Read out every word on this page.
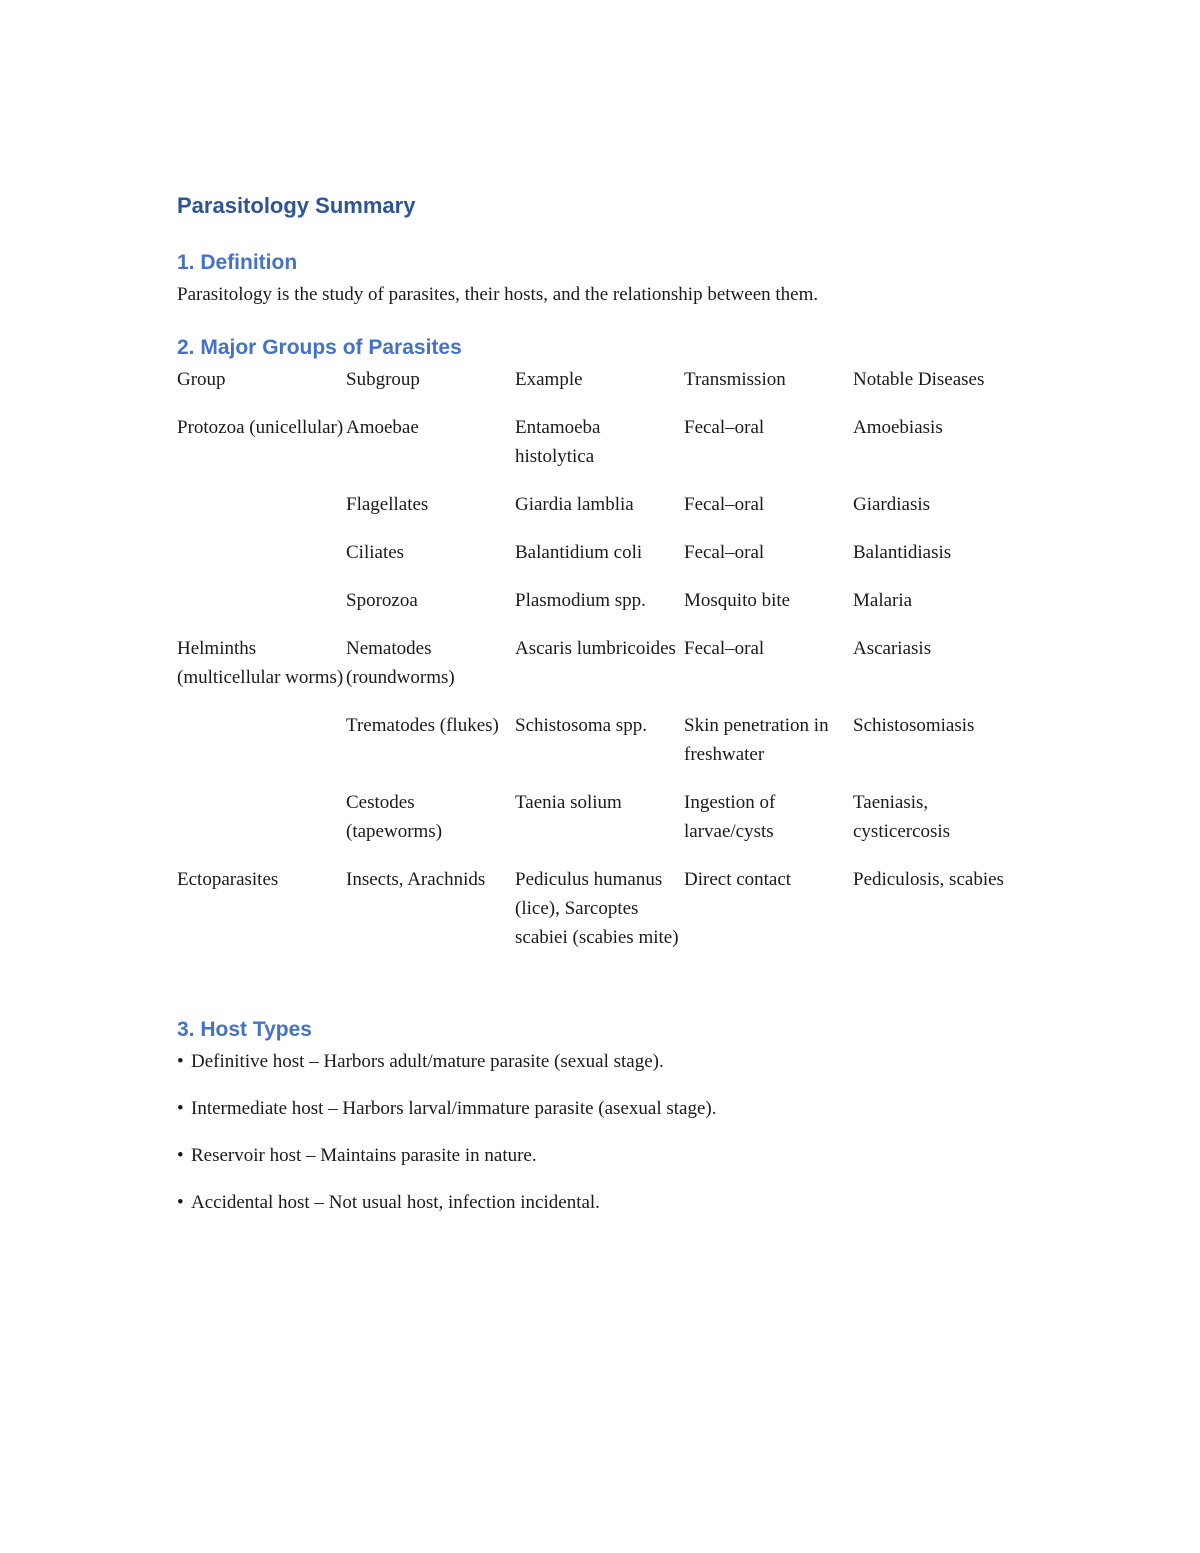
Parasitology Summary
1. Definition

Parasitology is the study of parasites, their hosts, and the relationship between them.

2. Major Groups of Parasites
Group	Subgroup	Example	Transmission	Notable Diseases
Protozoa (unicellular)	Amoebae	Entamoeba histolytica	Fecal–oral	Amoebiasis
	Flagellates	Giardia lamblia	Fecal–oral	Giardiasis
	Ciliates	Balantidium coli	Fecal–oral	Balantidiasis
	Sporozoa	Plasmodium spp.	Mosquito bite	Malaria
Helminths (multicellular worms)	Nematodes (roundworms)	Ascaris lumbricoides	Fecal–oral	Ascariasis
	Trematodes (flukes)	Schistosoma spp.	Skin penetration in freshwater	Schistosomiasis
	Cestodes (tapeworms)	Taenia solium	Ingestion of larvae/cysts	Taeniasis, cysticercosis
Ectoparasites	Insects, Arachnids	Pediculus humanus (lice), Sarcoptes scabiei (scabies mite)	Direct contact	Pediculosis, scabies
3. Host Types
• Definitive host – Harbors adult/mature parasite (sexual stage).
• Intermediate host – Harbors larval/immature parasite (asexual stage).
• Reservoir host – Maintains parasite in nature.
• Accidental host – Not usual host, infection incidental.
